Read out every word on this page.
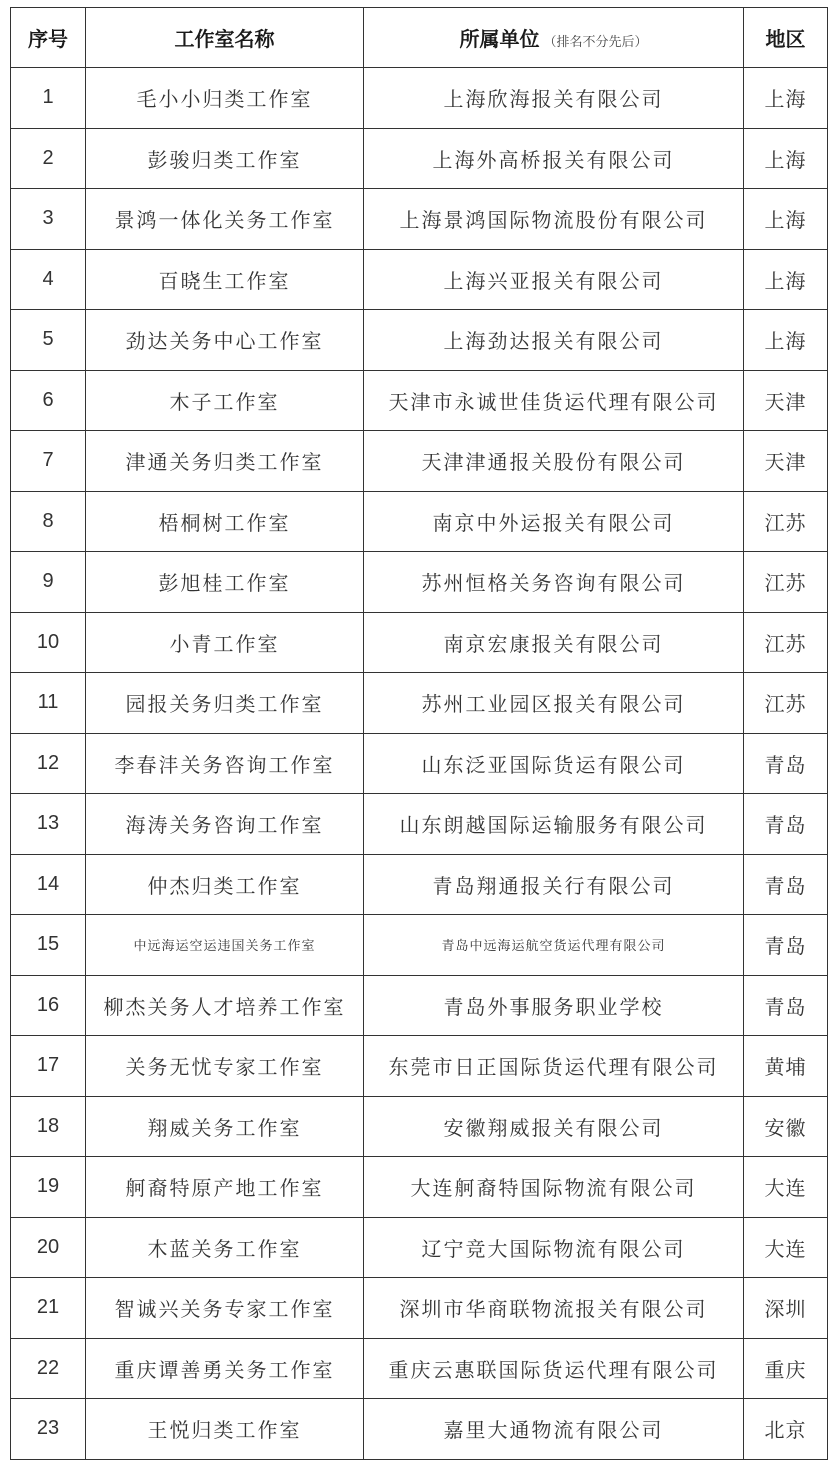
序号	工作室名称	所属单位 （排名不分先后）	地区
1	毛小小归类工作室	上海欣海报关有限公司	上海
2	彭骏归类工作室	上海外高桥报关有限公司	上海
3	景鸿一体化关务工作室	上海景鸿国际物流股份有限公司	上海
4	百晓生工作室	上海兴亚报关有限公司	上海
5	劲达关务中心工作室	上海劲达报关有限公司	上海
6	木子工作室	天津市永诚世佳货运代理有限公司	天津
7	津通关务归类工作室	天津津通报关股份有限公司	天津
8	梧桐树工作室	南京中外运报关有限公司	江苏
9	彭旭桂工作室	苏州恒格关务咨询有限公司	江苏
10	小青工作室	南京宏康报关有限公司	江苏
11	园报关务归类工作室	苏州工业园区报关有限公司	江苏
12	李春沣关务咨询工作室	山东泛亚国际货运有限公司	青岛
13	海涛关务咨询工作室	山东朗越国际运输服务有限公司	青岛
14	仲杰归类工作室	青岛翔通报关行有限公司	青岛
15	中远海运空运违国关务工作室	青岛中远海运航空货运代理有限公司	青岛
16	柳杰关务人才培养工作室	青岛外事服务职业学校	青岛
17	关务无忧专家工作室	东莞市日正国际货运代理有限公司	黄埔
18	翔威关务工作室	安徽翔威报关有限公司	安徽
19	舸裔特原产地工作室	大连舸裔特国际物流有限公司	大连
20	木蓝关务工作室	辽宁竞大国际物流有限公司	大连
21	智诚兴关务专家工作室	深圳市华商联物流报关有限公司	深圳
22	重庆谭善勇关务工作室	重庆云惠联国际货运代理有限公司	重庆
23	王悦归类工作室	嘉里大通物流有限公司	北京
